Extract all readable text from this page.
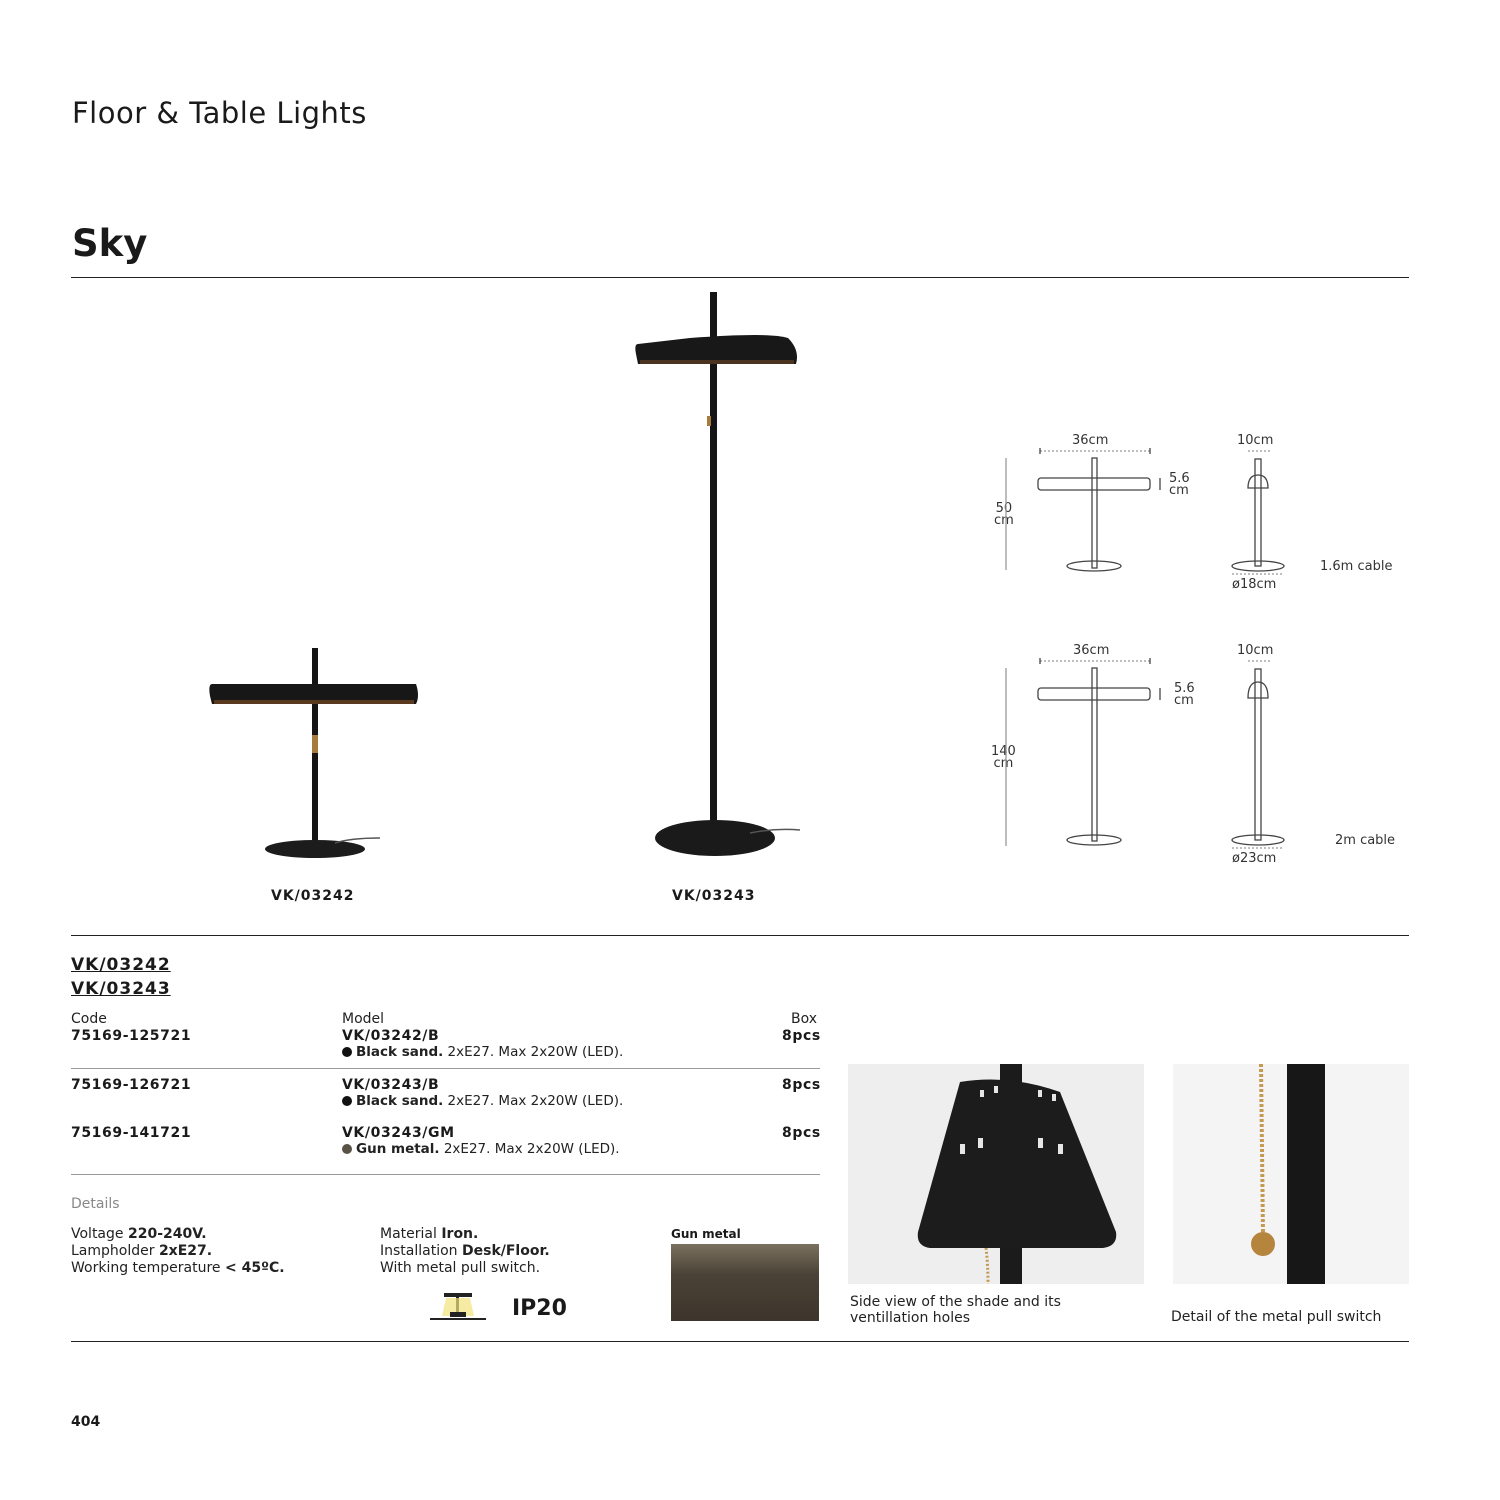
Floor & Table Lights
Sky
VK/03242	VK/03243
36cm
5.6
cm
50
cm
10cm
ø18cm
1.6m cable
36cm
5.6
cm
140
cm
10cm
ø23cm
2m cable
VK/03242
VK/03243
Code	Model	Box
75169-125721	VK/03242/B	8pcs
Black sand. 2xE27. Max 2x20W (LED).
75169-126721	VK/03243/B	8pcs
Black sand. 2xE27. Max 2x20W (LED).
75169-141721	VK/03243/GM	8pcs
Gun metal. 2xE27. Max 2x20W (LED).
Details
Voltage 220-240V.
Lampholder 2xE27.
Working temperature < 45ºC.
Material Iron.
Installation Desk/Floor.
With metal pull switch.
IP20
Gun metal
Side view of the shade and its
ventillation holes	Detail of the metal pull switch
404
